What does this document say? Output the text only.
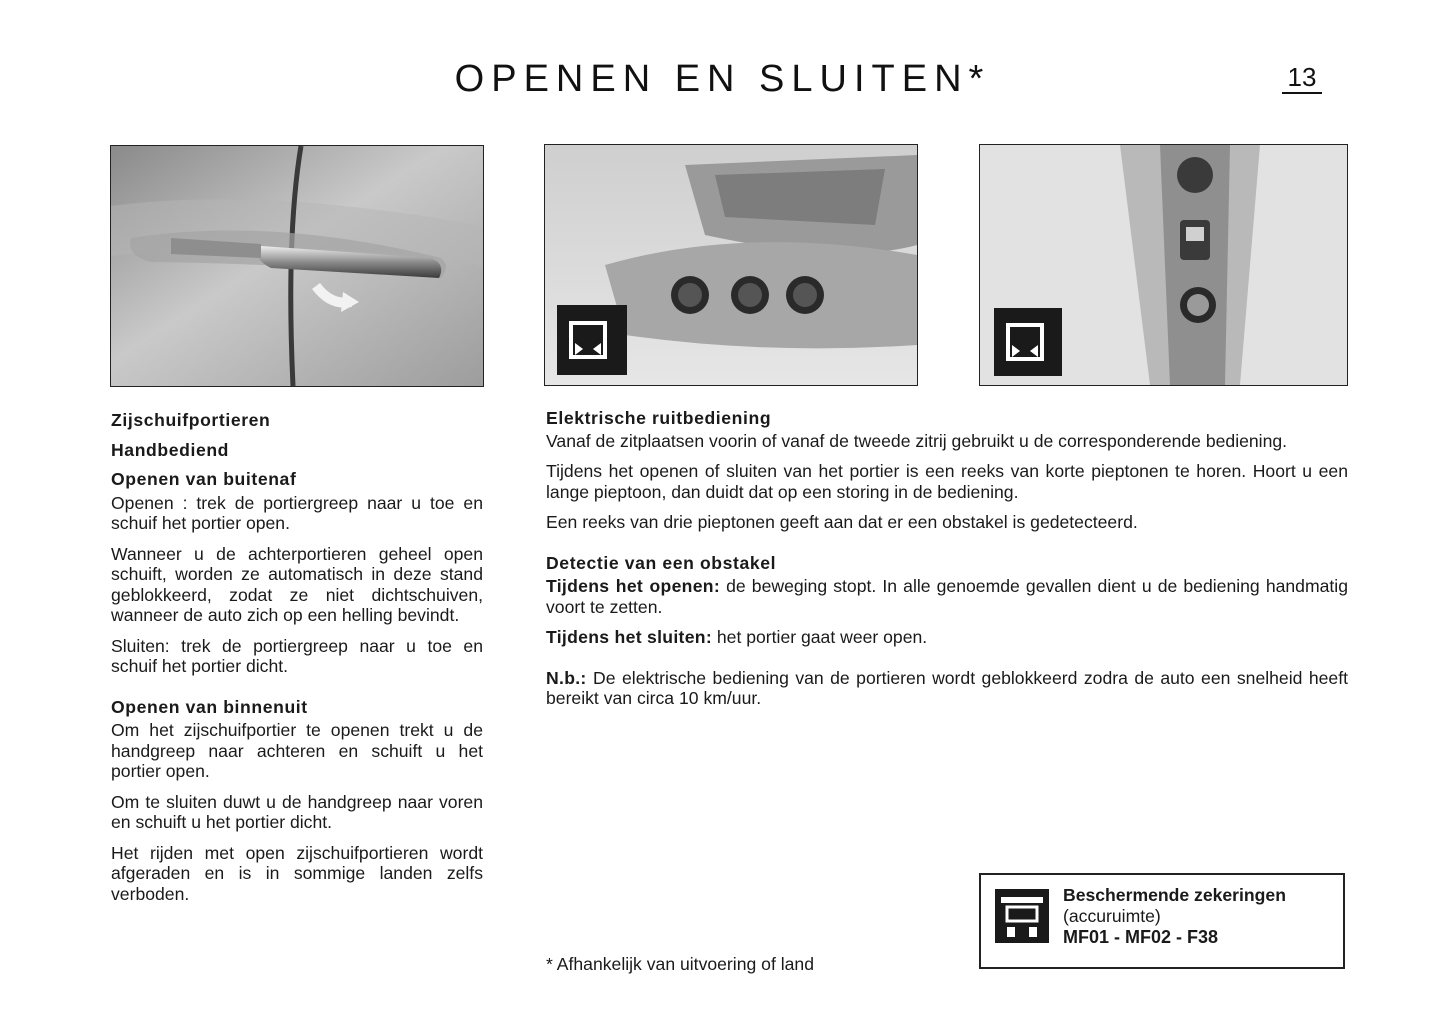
OPENEN EN SLUITEN*	13
Zijschuifportieren
Handbediend
Openen van buitenaf

Openen : trek de portiergreep naar u toe en schuif het portier open.

Wanneer u de achterportieren geheel open schuift, worden ze automatisch in deze stand geblokkeerd, zodat ze niet dichtschuiven, wanneer de auto zich op een helling bevindt.

Sluiten: trek de portiergreep naar u toe en schuif het portier dicht.

Openen van binnenuit

Om het zijschuifportier te openen trekt u de handgreep naar achteren en schuift u het portier open.

Om te sluiten duwt u de handgreep naar voren en schuift u het portier dicht.

Het rijden met open zijschuifportieren wordt afgeraden en is in sommige landen zelfs verboden.

Elektrische ruitbediening

Vanaf de zitplaatsen voorin of vanaf de tweede zitrij gebruikt u de corresponderende bediening.

Tijdens het openen of sluiten van het portier is een reeks van korte pieptonen te horen. Hoort u een lange pieptoon, dan duidt dat op een storing in de bediening.

Een reeks van drie pieptonen geeft aan dat er een obstakel is gedetecteerd.

Detectie van een obstakel

Tijdens het openen: de beweging stopt. In alle genoemde gevallen dient u de bediening handmatig voort te zetten.

Tijdens het sluiten: het portier gaat weer open.

N.b.: De elektrische bediening van de portieren wordt geblokkeerd zodra de auto een snelheid heeft bereikt van circa 10 km/uur.

* Afhankelijk van uitvoering of land
Beschermende zekeringen
(accuruimte)
MF01 - MF02 - F38
